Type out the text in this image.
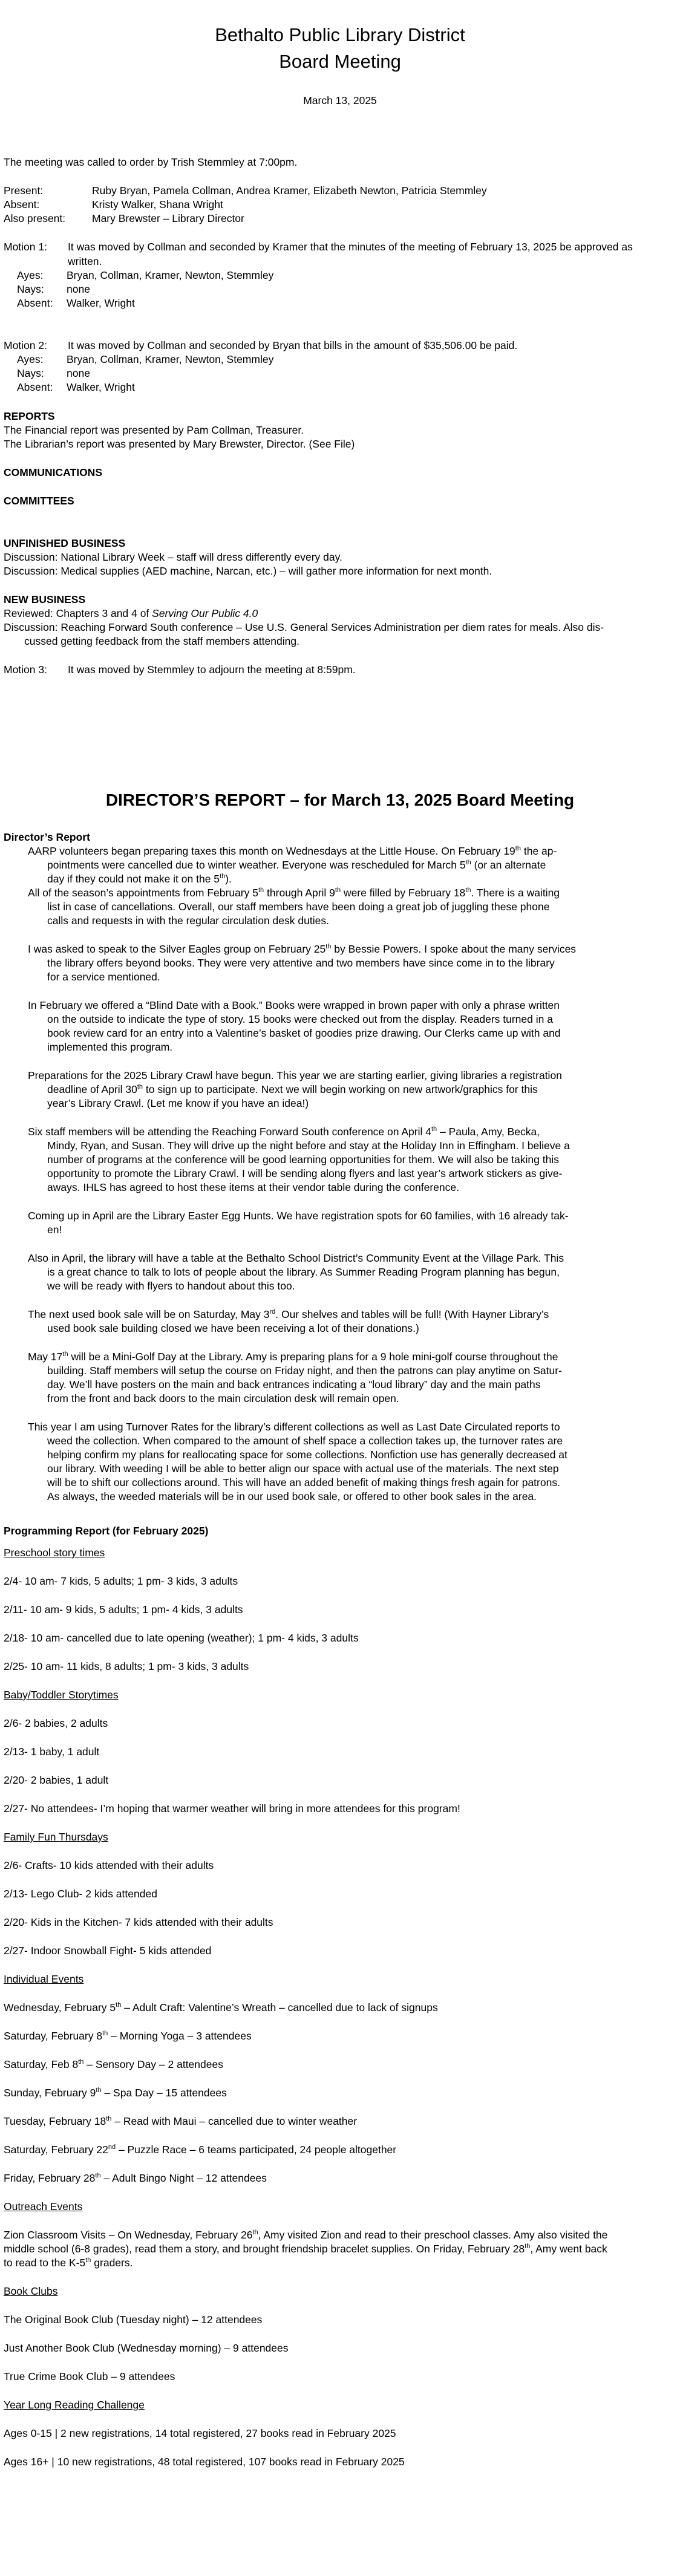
Bethalto Public Library District
Board Meeting
March 13, 2025
The meeting was called to order by Trish Stemmley at 7:00pm.
Present:	Ruby Bryan, Pamela Collman, Andrea Kramer, Elizabeth Newton, Patricia Stemmley
Absent:	Kristy Walker, Shana Wright
Also present:	Mary Brewster – Library Director
Motion 1: It was moved by Collman and seconded by Kramer that the minutes of the meeting of February 13, 2025 be approved as written.
Ayes: Bryan, Collman, Kramer, Newton, Stemmley
Nays: none
Absent: Walker, Wright
Motion 2: It was moved by Collman and seconded by Bryan that bills in the amount of $35,506.00 be paid.
Ayes: Bryan, Collman, Kramer, Newton, Stemmley
Nays: none
Absent: Walker, Wright
REPORTS
The Financial report was presented by Pam Collman, Treasurer.
The Librarian’s report was presented by Mary Brewster, Director. (See File)
COMMUNICATIONS
COMMITTEES
UNFINISHED BUSINESS
Discussion: National Library Week – staff will dress differently every day.
Discussion: Medical supplies (AED machine, Narcan, etc.) – will gather more information for next month.
NEW BUSINESS
Reviewed: Chapters 3 and 4 of Serving Our Public 4.0
Discussion: Reaching Forward South conference – Use U.S. General Services Administration per diem rates for meals. Also dis-
cussed getting feedback from the staff members attending.
Motion 3: It was moved by Stemmley to adjourn the meeting at 8:59pm.
DIRECTOR’S REPORT – for March 13, 2025 Board Meeting
Director’s Report
AARP volunteers began preparing taxes this month on Wednesdays at the Little House. On February 19th the ap-
pointments were cancelled due to winter weather. Everyone was rescheduled for March 5th (or an alternate
day if they could not make it on the 5th).
All of the season’s appointments from February 5th through April 9th were filled by February 18th. There is a waiting
list in case of cancellations. Overall, our staff members have been doing a great job of juggling these phone
calls and requests in with the regular circulation desk duties.
I was asked to speak to the Silver Eagles group on February 25th by Bessie Powers. I spoke about the many services
the library offers beyond books. They were very attentive and two members have since come in to the library
for a service mentioned.
In February we offered a “Blind Date with a Book.” Books were wrapped in brown paper with only a phrase written
on the outside to indicate the type of story. 15 books were checked out from the display. Readers turned in a
book review card for an entry into a Valentine’s basket of goodies prize drawing. Our Clerks came up with and
implemented this program.
Preparations for the 2025 Library Crawl have begun. This year we are starting earlier, giving libraries a registration
deadline of April 30th to sign up to participate. Next we will begin working on new artwork/graphics for this
year’s Library Crawl. (Let me know if you have an idea!)
Six staff members will be attending the Reaching Forward South conference on April 4th – Paula, Amy, Becka,
Mindy, Ryan, and Susan. They will drive up the night before and stay at the Holiday Inn in Effingham. I believe a
number of programs at the conference will be good learning opportunities for them. We will also be taking this
opportunity to promote the Library Crawl. I will be sending along flyers and last year’s artwork stickers as give-
aways. IHLS has agreed to host these items at their vendor table during the conference.
Coming up in April are the Library Easter Egg Hunts. We have registration spots for 60 families, with 16 already tak-
en!
Also in April, the library will have a table at the Bethalto School District’s Community Event at the Village Park. This
is a great chance to talk to lots of people about the library. As Summer Reading Program planning has begun,
we will be ready with flyers to handout about this too.
The next used book sale will be on Saturday, May 3rd. Our shelves and tables will be full! (With Hayner Library’s
used book sale building closed we have been receiving a lot of their donations.)
May 17th will be a Mini-Golf Day at the Library. Amy is preparing plans for a 9 hole mini-golf course throughout the
building. Staff members will setup the course on Friday night, and then the patrons can play anytime on Satur-
day. We’ll have posters on the main and back entrances indicating a “loud library” day and the main paths
from the front and back doors to the main circulation desk will remain open.
This year I am using Turnover Rates for the library’s different collections as well as Last Date Circulated reports to
weed the collection. When compared to the amount of shelf space a collection takes up, the turnover rates are
helping confirm my plans for reallocating space for some collections. Nonfiction use has generally decreased at
our library. With weeding I will be able to better align our space with actual use of the materials. The next step
will be to shift our collections around. This will have an added benefit of making things fresh again for patrons.
As always, the weeded materials will be in our used book sale, or offered to other book sales in the area.
Programming Report (for February 2025)
Preschool story times
2/4- 10 am- 7 kids, 5 adults; 1 pm- 3 kids, 3 adults
2/11- 10 am- 9 kids, 5 adults; 1 pm- 4 kids, 3 adults
2/18- 10 am- cancelled due to late opening (weather); 1 pm- 4 kids, 3 adults
2/25- 10 am- 11 kids, 8 adults; 1 pm- 3 kids, 3 adults
Baby/Toddler Storytimes
2/6- 2 babies, 2 adults
2/13- 1 baby, 1 adult
2/20- 2 babies, 1 adult
2/27- No attendees- I’m hoping that warmer weather will bring in more attendees for this program!
Family Fun Thursdays
2/6- Crafts- 10 kids attended with their adults
2/13- Lego Club- 2 kids attended
2/20- Kids in the Kitchen- 7 kids attended with their adults
2/27- Indoor Snowball Fight- 5 kids attended
Individual Events
Wednesday, February 5th – Adult Craft: Valentine’s Wreath – cancelled due to lack of signups
Saturday, February 8th – Morning Yoga – 3 attendees
Saturday, Feb 8th – Sensory Day – 2 attendees
Sunday, February 9th – Spa Day – 15 attendees
Tuesday, February 18th – Read with Maui – cancelled due to winter weather
Saturday, February 22nd – Puzzle Race – 6 teams participated, 24 people altogether
Friday, February 28th – Adult Bingo Night – 12 attendees
Outreach Events
Zion Classroom Visits – On Wednesday, February 26th, Amy visited Zion and read to their preschool classes. Amy also visited the
middle school (6-8 grades), read them a story, and brought friendship bracelet supplies. On Friday, February 28th, Amy went back
to read to the K-5th graders.
Book Clubs
The Original Book Club (Tuesday night) – 12 attendees
Just Another Book Club (Wednesday morning) – 9 attendees
True Crime Book Club – 9 attendees
Year Long Reading Challenge
Ages 0-15 | 2 new registrations, 14 total registered, 27 books read in February 2025
Ages 16+ | 10 new registrations, 48 total registered, 107 books read in February 2025
